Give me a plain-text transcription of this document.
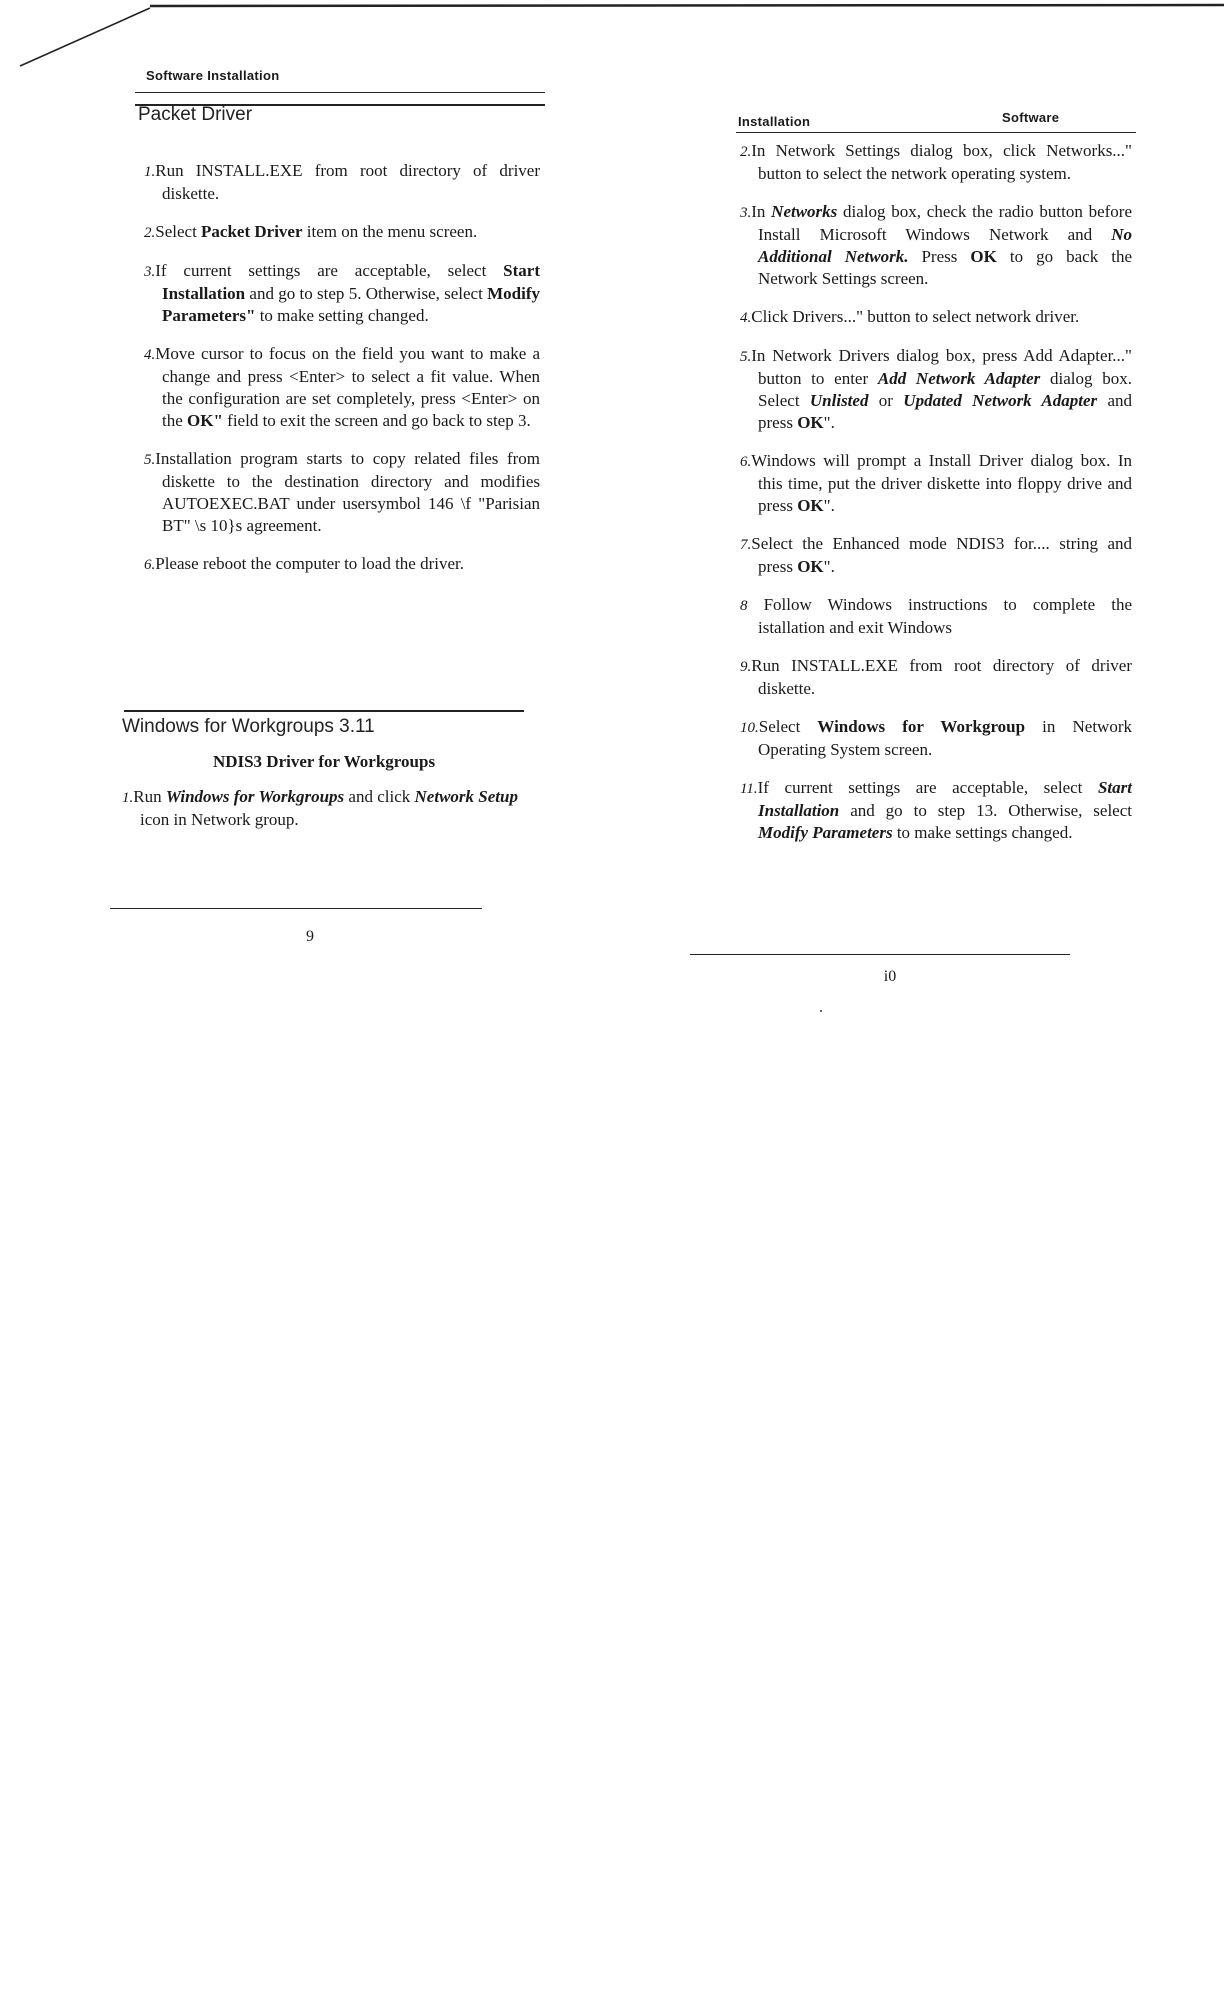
Software Installation
Packet Driver
1.Run INSTALL.EXE from root directory of driver diskette.
2.Select Packet Driver item on the menu screen.
3.If current settings are acceptable, select Start Installation and go to step 5. Otherwise, select Modify Parameters" to make setting changed.
4.Move cursor to focus on the field you want to make a change and press <Enter> to select a fit value. When the configuration are set completely, press <Enter> on the OK" field to exit the screen and go back to step 3.
5.Installation program starts to copy related files from diskette to the destination directory and modifies AUTOEXEC.BAT under usersymbol 146 \f "Parisian BT" \s 10}s agreement.
6.Please reboot the computer to load the driver.
Windows for Workgroups 3.11
NDIS3 Driver for Workgroups
1.Run Windows for Workgroups and click Network Setup icon in Network group.
9
Installation	Software
2.In Network Settings dialog box, click Networks..." button to select the network operating system.
3.In Networks dialog box, check the radio button before Install Microsoft Windows Network and No Additional Network. Press OK to go back the Network Settings screen.
4.Click Drivers..." button to select network driver.
5.In Network Drivers dialog box, press Add Adapter..." button to enter Add Network Adapter dialog box. Select Unlisted or Updated Network Adapter and press OK".
6.Windows will prompt a Install Driver dialog box. In this time, put the driver diskette into floppy drive and press OK".
7.Select the Enhanced mode NDIS3 for.... string and press OK".
8 Follow Windows instructions to complete the istallation and exit Windows
9.Run INSTALL.EXE from root directory of driver diskette.
10.Select Windows for Workgroup in Network Operating System screen.
11.If current settings are acceptable, select Start Installation and go to step 13. Otherwise, select Modify Parameters to make settings changed.
i0
